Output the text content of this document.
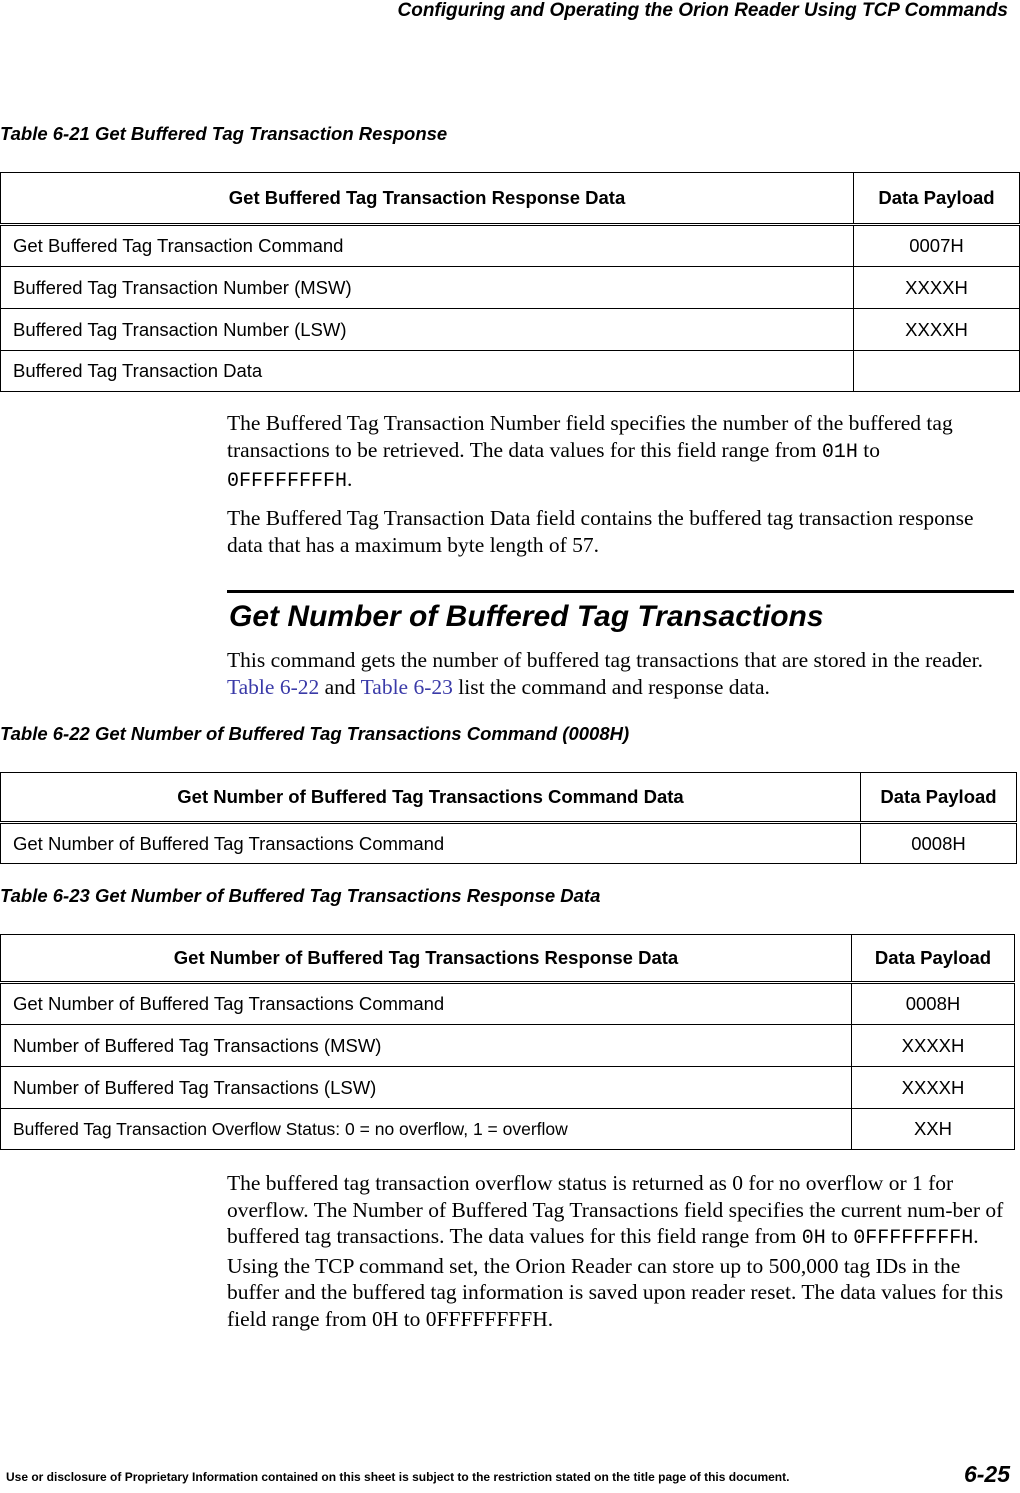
Configuring and Operating the Orion Reader Using TCP Commands
Table 6-21 Get Buffered Tag Transaction Response
Get Buffered Tag Transaction Response Data	Data Payload
Get Buffered Tag Transaction Command	0007H
Buffered Tag Transaction Number (MSW)	XXXXH
Buffered Tag Transaction Number (LSW)	XXXXH
Buffered Tag Transaction Data	
The Buffered Tag Transaction Number field specifies the number of the buffered tag transactions to be retrieved. The data values for this field range from 01H to 0FFFFFFFFH.
The Buffered Tag Transaction Data field contains the buffered tag transaction response data that has a maximum byte length of 57.
Get Number of Buffered Tag Transactions
This command gets the number of buffered tag transactions that are stored in the reader. Table 6-22 and Table 6-23 list the command and response data.
Table 6-22 Get Number of Buffered Tag Transactions Command (0008H)
Get Number of Buffered Tag Transactions Command Data	Data Payload
Get Number of Buffered Tag Transactions Command	0008H
Table 6-23 Get Number of Buffered Tag Transactions Response Data
Get Number of Buffered Tag Transactions Response Data	Data Payload
Get Number of Buffered Tag Transactions Command	0008H
Number of Buffered Tag Transactions (MSW)	XXXXH
Number of Buffered Tag Transactions (LSW)	XXXXH
Buffered Tag Transaction Overflow Status: 0 = no overflow, 1 = overflow	XXH
The buffered tag transaction overflow status is returned as 0 for no overflow or 1 for overflow. The Number of Buffered Tag Transactions field specifies the current num-ber of buffered tag transactions. The data values for this field range from 0H to 0FFFFFFFFH. Using the TCP command set, the Orion Reader can store up to 500,000 tag IDs in the buffer and the buffered tag information is saved upon reader reset. The data values for this field range from 0H to 0FFFFFFFFH.
Use or disclosure of Proprietary Information contained on this sheet is subject to the restriction stated on the title page of this document.	6-25
